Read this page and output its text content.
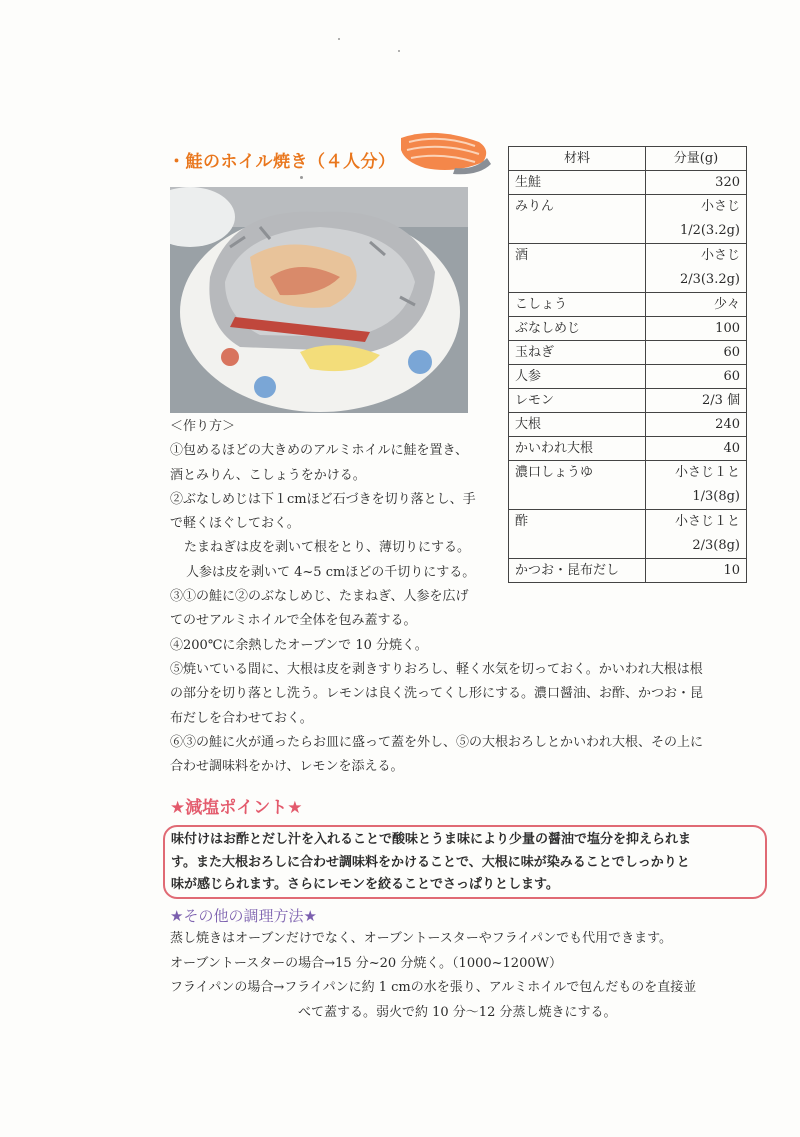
・鮭のホイル焼き（４人分）	材料	分量(g)
生鮭	320
みりん	小さじ
1/2(3.2g)
酒	小さじ
2/3(3.2g)
こしょう	少々
ぶなしめじ	100
玉ねぎ	60
人参	60
レモン	2/3 個
大根	240
かいわれ大根	40
濃口しょうゆ	小さじ１と
1/3(8g)
酢	小さじ１と
2/3(8g)
かつお・昆布だし	10

＜作り方＞

①包めるほどの大きめのアルミホイルに鮭を置き、

酒とみりん、こしょうをかける。

②ぶなしめじは下１cmほど石づきを切り落とし、手

で軽くほぐしておく。

たまねぎは皮を剥いて根をとり、薄切りにする。

人参は皮を剥いて 4~5 cmほどの千切りにする。

③①の鮭に②のぶなしめじ、たまねぎ、人参を広げ

てのせアルミホイルで全体を包み蓋する。

④200℃に余熱したオーブンで 10 分焼く。

⑤焼いている間に、大根は皮を剥きすりおろし、軽く水気を切っておく。かいわれ大根は根

の部分を切り落とし洗う。レモンは良く洗ってくし形にする。濃口醤油、お酢、かつお・昆

布だしを合わせておく。

⑥③の鮭に火が通ったらお皿に盛って蓋を外し、⑤の大根おろしとかいわれ大根、その上に

合わせ調味料をかけ、レモンを添える。

★減塩ポイント★

味付けはお酢とだし汁を入れることで酸味とうま味により少量の醤油で塩分を抑えられま

す。また大根おろしに合わせ調味料をかけることで、大根に味が染みることでしっかりと

味が感じられます。さらにレモンを絞ることでさっぱりとします。

★その他の調理方法★

蒸し焼きはオーブンだけでなく、オーブントースターやフライパンでも代用できます。

オーブントースターの場合→15 分~20 分焼く。（1000~1200W）

フライパンの場合→フライパンに約 1 cmの水を張り、アルミホイルで包んだものを直接並

べて蓋する。弱火で約 10 分～12 分蒸し焼きにする。
